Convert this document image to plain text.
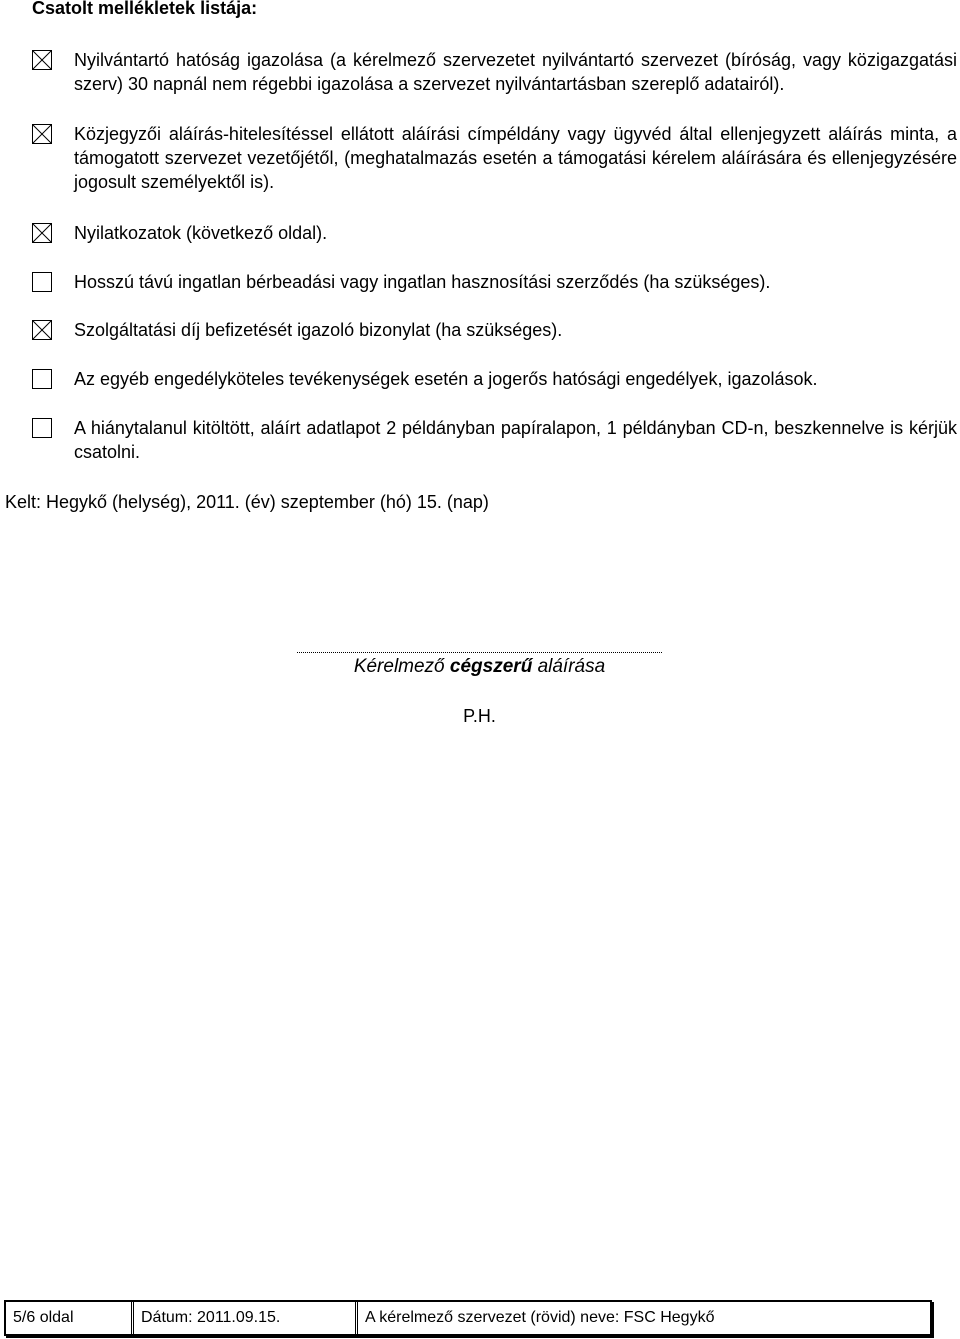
Csatolt mellékletek listája:
Nyilvántartó hatóság igazolása (a kérelmező szervezetet nyilvántartó szervezet (bíróság, vagy közigazgatási szerv) 30 napnál nem régebbi igazolása a szervezet nyilvántartásban szereplő adatairól).
Közjegyzői aláírás-hitelesítéssel ellátott aláírási címpéldány vagy ügyvéd által ellenjegyzett aláírás minta, a támogatott szervezet vezetőjétől, (meghatalmazás esetén a támogatási kérelem aláírására és ellenjegyzésére jogosult személyektől is).
Nyilatkozatok (következő oldal).
Hosszú távú ingatlan bérbeadási vagy ingatlan hasznosítási szerződés (ha szükséges).
Szolgáltatási díj befizetését igazoló bizonylat (ha szükséges).
Az egyéb engedélyköteles tevékenységek esetén a jogerős hatósági engedélyek, igazolások.
A hiánytalanul kitöltött, aláírt adatlapot 2 példányban papíralapon, 1 példányban CD-n, beszkennelve is kérjük csatolni.
Kelt: Hegykő (helység), 2011. (év) szeptember (hó) 15. (nap)
Kérelmező cégszerű aláírása
P.H.
5/6 oldal	Dátum: 2011.09.15.	A kérelmező szervezet (rövid) neve: FSC Hegykő
